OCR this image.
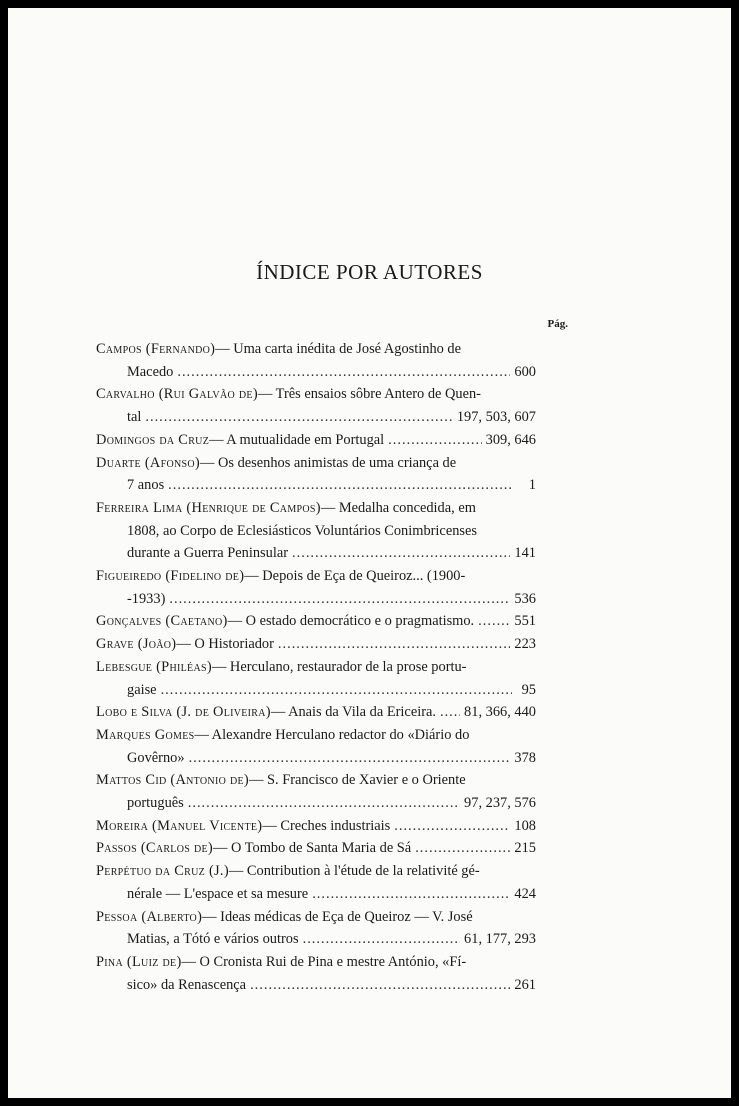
ÍNDICE POR AUTORES
Pág.
Campos (Fernando) — Uma carta inédita de José Agostinho de
Macedo .....	600
Carvalho (Rui Galvão de) — Três ensaios sôbre Antero de Quen-
tal .....	197, 503, 607
Domingos da Cruz — A mutualidade em Portugal .....	309, 646
Duarte (Afonso) — Os desenhos animistas de uma criança de
7 anos .....	1
Ferreira Lima (Henrique de Campos) — Medalha concedida, em
1808, ao Corpo de Eclesiásticos Voluntários Conimbricenses
durante a Guerra Peninsular .....	141
Figueiredo (Fidelino de) — Depois de Eça de Queiroz... (1900-
-1933) .....	536
Gonçalves (Caetano) — O estado democrático e o pragmatismo. .....	551
Grave (João) — O Historiador .....	223
Lebesgue (Philéas) — Herculano, restaurador de la prose portu-
gaise .....	95
Lobo e Silva (J. de Oliveira) — Anais da Vila da Ericeira. ..... 81, 366, 440
Marques Gomes — Alexandre Herculano redactor do «Diário do
Govêrno» .....	378
Mattos Cid (Antonio de) — S. Francisco de Xavier e o Oriente
português .....	97, 237, 576
Moreira (Manuel Vicente) — Creches industriais .....	108
Passos (Carlos de) — O Tombo de Santa Maria de Sá .....	215
Perpétuo da Cruz (J.) — Contribution à l'étude de la relativité gé-
nérale — L'espace et sa mesure .....	424
Pessoa (Alberto) — Ideas médicas de Eça de Queiroz — V. José
Matias, a Tótó e vários outros .....	61, 177, 293
Pina (Luiz de) — O Cronista Rui de Pina e mestre António, «Fí-
sico» da Renascença .....	261
